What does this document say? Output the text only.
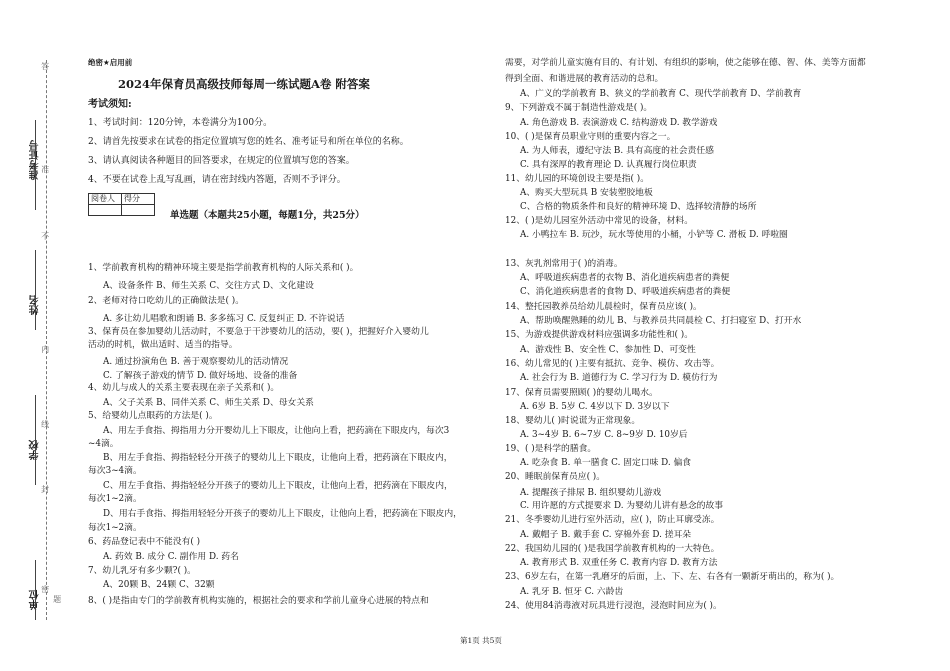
准考证号
姓名
学校
单位
密
封
线
内
不
准
答
题
绝密★启用前
2024年保育员高级技师每周一练试题A卷 附答案
考试须知:
1、考试时间：120分钟，本卷满分为100分。
2、请首先按要求在试卷的指定位置填写您的姓名、准考证号和所在单位的名称。
3、请认真阅读各种题目的回答要求，在规定的位置填写您的答案。
4、不要在试卷上乱写乱画，请在密封线内答题，否则不予评分。
阅卷人	得分

单选题（本题共25小题，每题1分，共25分）
1、学前教育机构的精神环境主要是指学前教育机构的人际关系和( )。
A、设备条件 B、师生关系 C、交往方式 D、文化建设
2、老师对待口吃幼儿的正确做法是( )。
A. 多让幼儿唱歌和朗诵 B. 多多练习 C. 反复纠正 D. 不许说话
3、保育员在参加婴幼儿活动时，不要急于干涉婴幼儿的活动，要( )，把握好介入婴幼儿
活动的时机，做出适时、适当的指导。
A. 通过扮演角色 B. 善于观察婴幼儿的活动情况
C. 了解孩子游戏的情节 D. 做好场地、设备的准备
4、幼儿与成人的关系主要表现在亲子关系和( )。
A、父子关系 B、同伴关系 C、师生关系 D、母女关系
5、给婴幼儿点眼药的方法是( )。
A、用左手食指、拇指用力分开婴幼儿上下眼皮，让他向上看，把药滴在下眼皮内，每次3
~4滴。
B、用左手食指、拇指轻轻分开孩子的婴幼儿上下眼皮，让他向上看，把药滴在下眼皮内，
每次3~4滴。
C、用左手食指、拇指轻轻分开孩子的婴幼儿上下眼皮，让他向上看，把药滴在下眼皮内，
每次1~2滴。
D、用右手食指、拇指用轻轻分开孩子的婴幼儿上下眼皮，让他向上看，把药滴在下眼皮内，
每次1~2滴。
6、药品登记表中不能没有( )
A. 药效 B. 成分 C. 副作用 D. 药名
7、幼儿乳牙有多少颗?( )。
A、20颗 B、24颗 C、32颗
8、( )是指由专门的学前教育机构实施的，根据社会的要求和学前儿童身心进展的特点和
需要，对学前儿童实施有目的、有计划、有组织的影响，使之能够在德、智、体、美等方面都
得到全面、和谐进展的教育活动的总和。
A、广义的学前教育 B、狭义的学前教育 C、现代学前教育 D、学前教育
9、下列游戏不属于制造性游戏是( )。
A. 角色游戏 B. 表演游戏 C. 结构游戏 D. 教学游戏
10、( )是保育员职业守则的重要内容之一。
A. 为人师表，遵纪守法 B. 具有高度的社会责任感
C. 具有深厚的教育理论 D. 认真履行岗位职责
11、幼儿园的环境创设主要是指( )。
A、购买大型玩具 B 安装塑胶地板
C、合格的物质条件和良好的精神环境 D、选择较清静的场所
12、( )是幼儿园室外活动中常见的设备，材料。
A. 小鸭拉车 B. 玩沙，玩水等使用的小桶，小铲等 C. 滑板 D. 呼啦圈
13、灰乳剂常用于( )的消毒。
A、呼吸道疾病患者的衣物 B、消化道疾病患者的粪便
C、消化道疾病患者的食物 D、呼吸道疾病患者的粪便
14、整托园教养员给幼儿晨检时，保育员应该( )。
A、帮助唤醒熟睡的幼儿 B、与教养员共同晨检 C、打扫寝室 D、打开水
15、为游戏提供游戏材料应强调多功能性和( )。
A、游戏性 B、安全性 C、参加性 D、可变性
16、幼儿常见的( )主要有抵抗、竞争、模仿、攻击等。
A. 社会行为 B. 道德行为 C. 学习行为 D. 模仿行为
17、保育员需要照顾( )的婴幼儿喝水。
A. 6岁 B. 5岁 C. 4岁以下 D. 3岁以下
18、婴幼儿( )时说谎为正常现象。
A. 3~4岁 B. 6~7岁 C. 8~9岁 D. 10岁后
19、( )是科学的膳食。
A. 吃杂食 B. 单一膳食 C. 固定口味 D. 偏食
20、睡眠前保育员应( )。
A. 提醒孩子排尿 B. 组织婴幼儿游戏
C. 用许愿的方式提要求 D. 为婴幼儿讲有悬念的故事
21、冬季婴幼儿进行室外活动，应( )，防止耳廓受冻。
A. 戴帽子 B. 戴手套 C. 穿棉外套 D. 搓耳朵
22、我国幼儿园的( )是我国学前教育机构的一大特色。
A. 教育形式 B. 双重任务 C. 教育内容 D. 教育方法
23、6岁左右，在第一乳磨牙的后面，上、下、左、右各有一颗新牙萌出的，称为( )。
A. 乳牙 B. 恒牙 C. 六龄齿
24、使用84消毒液对玩具进行浸泡，浸泡时间应为( )。
第1页 共5页
